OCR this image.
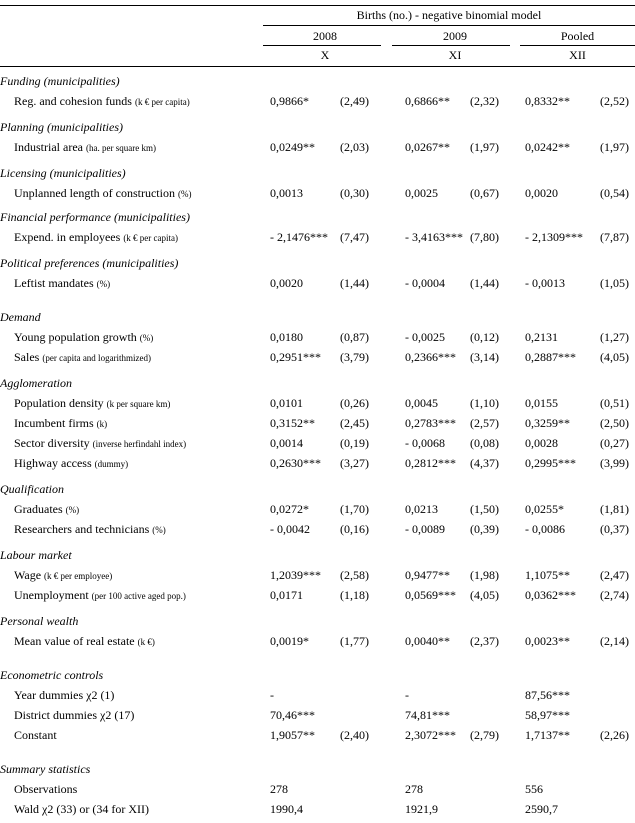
Births (no.) - negative binomial model
2008	2009	Pooled
X	XI	XII
Funding (municipalities)
Reg. and cohesion funds (k € per capita)	0,9866*	(2,49)	0,6866** (2,32) 0,8332**	(2,52)
Planning (municipalities)
Industrial area (ha. per square km)	0,0249** (2,03)	0,0267** (1,97) 0,0242**	(1,97)
Licensing (municipalities)
Unplanned length of construction (%)	0,0013	(0,30)	0,0025	(0,67) 0,0020	(0,54)
Financial performance (municipalities)
Expend. in employees (k € per capita)	- 2,1476*** (7,47)	- 3,4163*** (7,80) - 2,1309*** (7,87)
Political preferences (municipalities)
Leftist mandates (%)	0,0020	(1,44)	- 0,0004 (1,44) - 0,0013	(1,05)
Demand
Young population growth (%)	0,0180	(0,87)	- 0,0025 (0,12) 0,2131	(1,27)
Sales (per capita and logarithmized)	0,2951*** (3,79)	0,2366*** (3,14) 0,2887*** (4,05)
Agglomeration
Population density (k per square km)	0,0101	(0,26)	0,0045	(1,10) 0,0155	(0,51)
Incumbent firms (k)	0,3152** (2,45)	0,2783*** (2,57) 0,3259**	(2,50)
Sector diversity (inverse herfindahl index)	0,0014	(0,19)	- 0,0068 (0,08) 0,0028	(0,27)
Highway access (dummy)	0,2630*** (3,27)	0,2812*** (4,37) 0,2995*** (3,99)
Qualification
Graduates (%)	0,0272*	(1,70)	0,0213	(1,50) 0,0255*	(1,81)
Researchers and technicians (%)	- 0,0042	(0,16)	- 0,0089 (0,39) - 0,0086	(0,37)
Labour market
Wage (k € per employee)	1,2039*** (2,58)	0,9477** (1,98) 1,1075**	(2,47)
Unemployment (per 100 active aged pop.)	0,0171	(1,18)	0,0569*** (4,05) 0,0362*** (2,74)
Personal wealth
Mean value of real estate (k €)	0,0019*	(1,77)	0,0040** (2,37) 0,0023**	(2,14)
Econometric controls
Year dummies χ2 (1)	-	-	87,56***
District dummies χ2 (17)	70,46***	74,81***	58,97***
Constant	1,9057** (2,40)	2,3072*** (2,79) 1,7137**	(2,26)
Summary statistics
Observations	278	278	556
Wald χ2 (33) or (34 for XII)	1990,4	1921,9	2590,7
